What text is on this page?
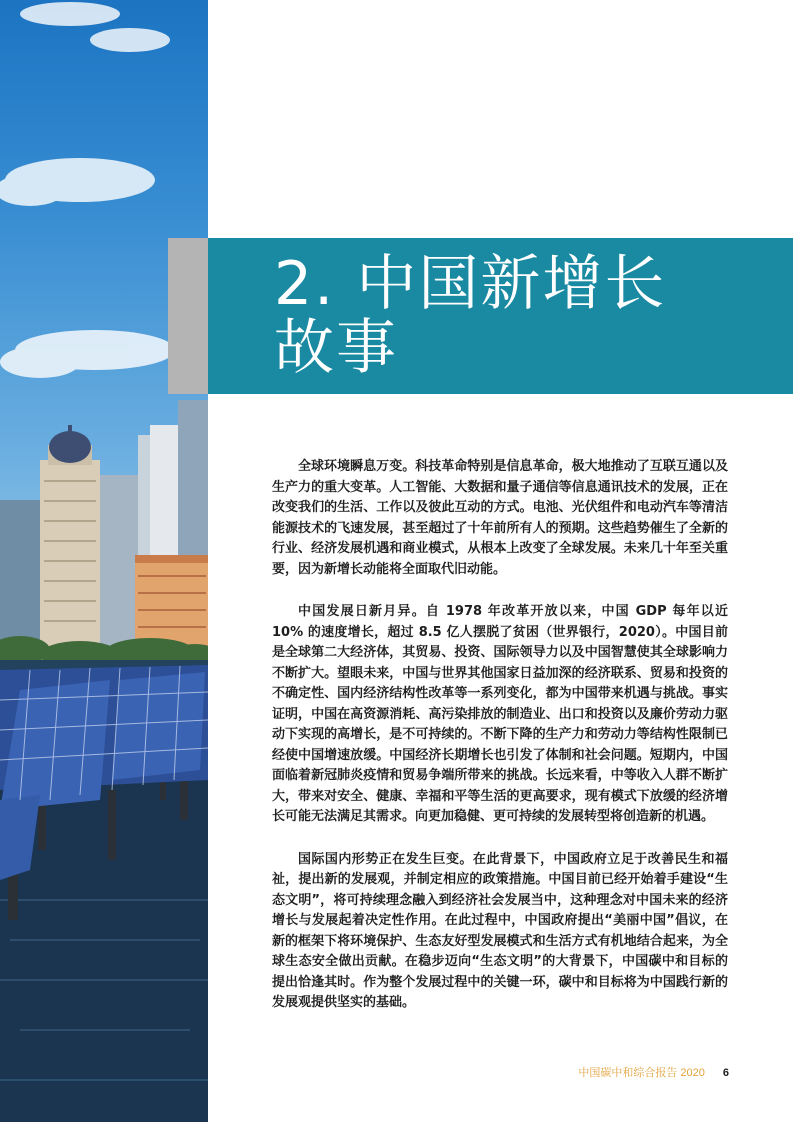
2. 中国新增长
故事

全球环境瞬息万变。科技革命特别是信息革命，极大地推动了互联互通以及生产力的重大变革。人工智能、大数据和量子通信等信息通讯技术的发展，正在改变我们的生活、工作以及彼此互动的方式。电池、光伏组件和电动汽车等清洁能源技术的飞速发展，甚至超过了十年前所有人的预期。这些趋势催生了全新的行业、经济发展机遇和商业模式，从根本上改变了全球发展。未来几十年至关重要，因为新增长动能将全面取代旧动能。

中国发展日新月异。自 1978 年改革开放以来，中国 GDP 每年以近 10% 的速度增长，超过 8.5 亿人摆脱了贫困（世界银行，2020）。中国目前是全球第二大经济体，其贸易、投资、国际领导力以及中国智慧使其全球影响力不断扩大。望眼未来，中国与世界其他国家日益加深的经济联系、贸易和投资的不确定性、国内经济结构性改革等一系列变化，都为中国带来机遇与挑战。事实证明，中国在高资源消耗、高污染排放的制造业、出口和投资以及廉价劳动力驱动下实现的高增长，是不可持续的。不断下降的生产力和劳动力等结构性限制已经使中国增速放缓。中国经济长期增长也引发了体制和社会问题。短期内，中国面临着新冠肺炎疫情和贸易争端所带来的挑战。长远来看，中等收入人群不断扩大，带来对安全、健康、幸福和平等生活的更高要求，现有模式下放缓的经济增长可能无法满足其需求。向更加稳健、更可持续的发展转型将创造新的机遇。

国际国内形势正在发生巨变。在此背景下，中国政府立足于改善民生和福祉，提出新的发展观，并制定相应的政策措施。中国目前已经开始着手建设“生态文明”，将可持续理念融入到经济社会发展当中，这种理念对中国未来的经济增长与发展起着决定性作用。在此过程中，中国政府提出“美丽中国”倡议，在新的框架下将环境保护、生态友好型发展模式和生活方式有机地结合起来，为全球生态安全做出贡献。在稳步迈向“生态文明”的大背景下，中国碳中和目标的提出恰逢其时。作为整个发展过程中的关键一环，碳中和目标将为中国践行新的发展观提供坚实的基础。

中国碳中和综合报告 2020 6
